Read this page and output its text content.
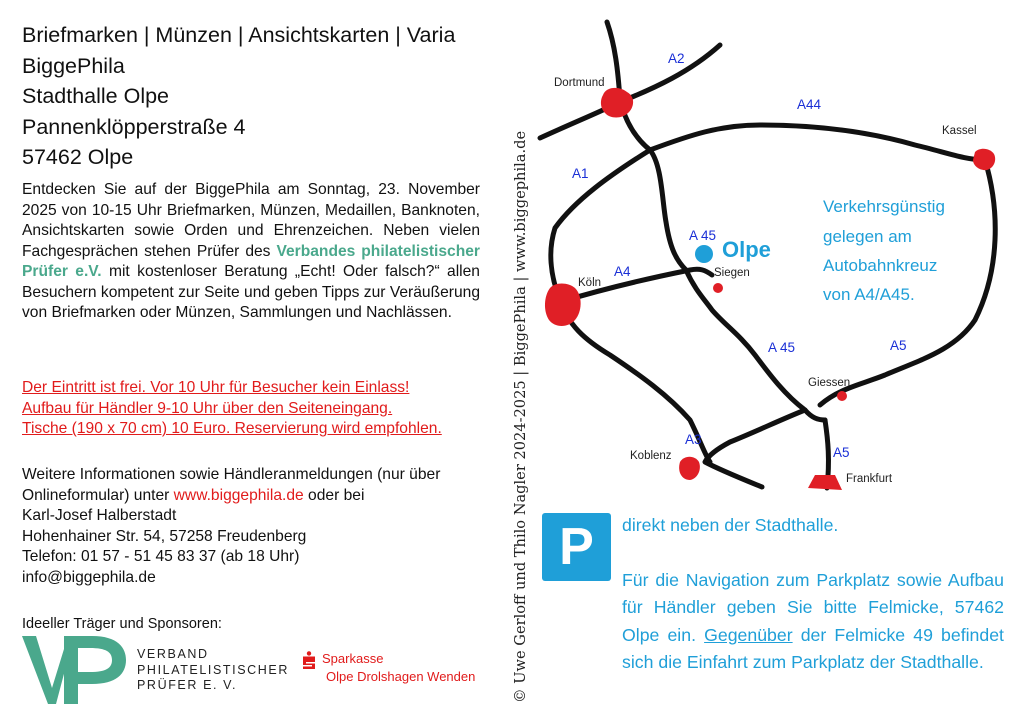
Briefmarken | Münzen | Ansichtskarten | Varia
BiggePhila
Stadthalle Olpe
Pannenklöpperstraße 4
57462 Olpe
Entdecken Sie auf der BiggePhila am Sonntag, 23. November 2025 von 10-15 Uhr Briefmarken, Münzen, Medaillen, Banknoten, Ansichtskarten sowie Orden und Ehrenzeichen. Neben vielen Fachgesprächen stehen Prüfer des Verbandes philatelistischer Prüfer e.V. mit kostenloser Beratung „Echt! Oder falsch?“ allen Besuchern kompetent zur Seite und geben Tipps zur Veräußerung von Briefmarken oder Münzen, Sammlungen und Nachlässen.
Der Eintritt ist frei. Vor 10 Uhr für Besucher kein Einlass!
Aufbau für Händler 9-10 Uhr über den Seiteneingang.
Tische (190 x 70 cm) 10 Euro. Reservierung wird empfohlen.
Weitere Informationen sowie Händleranmeldungen (nur über Onlineformular) unter www.biggephila.de oder bei
Karl-Josef Halberstadt
Hohenhainer Str. 54, 57258 Freudenberg
Telefon: 01 57 - 51 45 83 37 (ab 18 Uhr)
info@biggephila.de
Ideeller Träger und Sponsoren:
VERBAND
PHILATELISTISCHER
PRÜFER E. V.
Sparkasse
Olpe Drolshagen Wenden	© Uwe Gerloff und Thilo Nagler 2024-2025 | BiggePhila | www.biggephila.de
Dortmund
Kassel
Köln
Siegen
Giessen
Koblenz
Frankfurt
Olpe
A2
A44
A1
A 45
A4
A 45	A5
A3
A5
Verkehrsgünstig
gelegen am
Autobahnkreuz
von A4/A45.
P	direkt neben der Stadthalle.

Für die Navigation zum Parkplatz sowie Aufbau für Händler geben Sie bitte Felmicke, 57462 Olpe ein. Gegenüber der Felmicke 49 befindet sich die Einfahrt zum Parkplatz der Stadthalle.
